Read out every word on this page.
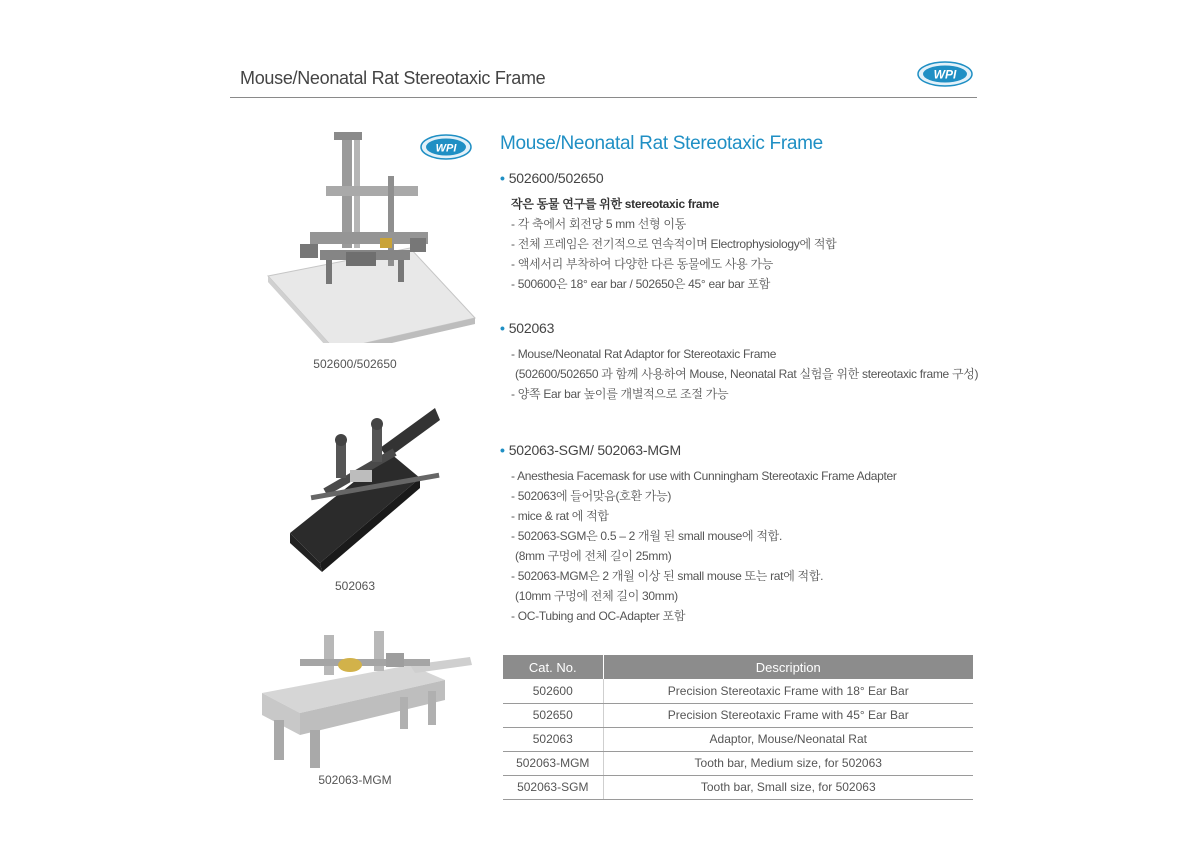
Mouse/Neonatal Rat Stereotaxic Frame	WPI
502600/502650
502063
502063-MGM
WPI Mouse/Neonatal Rat Stereotaxic Frame
• 502600/502650
작은 동물 연구를 위한 stereotaxic frame
- 각 축에서 회전당 5 mm 선형 이동
- 전체 프레임은 전기적으로 연속적이며 Electrophysiology에 적합
- 액세서리 부착하여 다양한 다른 동물에도 사용 가능
- 500600은 18° ear bar / 502650은 45° ear bar 포함
• 502063
- Mouse/Neonatal Rat Adaptor for Stereotaxic Frame
(502600/502650 과 함께 사용하여 Mouse, Neonatal Rat 실험을 위한 stereotaxic frame 구성)
- 양쪽 Ear bar 높이를 개별적으로 조절 가능
• 502063-SGM/ 502063-MGM
- Anesthesia Facemask for use with Cunningham Stereotaxic Frame Adapter
- 502063에 들어맞음(호환 가능)
- mice & rat 에 적합
- 502063-SGM은 0.5 – 2 개월 된 small mouse에 적합.
(8mm 구멍에 전체 길이 25mm)
- 502063-MGM은 2 개월 이상 된 small mouse 또는 rat에 적합.
(10mm 구멍에 전체 길이 30mm)
- OC-Tubing and OC-Adapter 포함
Cat. No.	Description
502600	Precision Stereotaxic Frame with 18° Ear Bar
502650	Precision Stereotaxic Frame with 45° Ear Bar
502063	Adaptor, Mouse/Neonatal Rat
502063-MGM	Tooth bar, Medium size, for 502063
502063-SGM	Tooth bar, Small size, for 502063
